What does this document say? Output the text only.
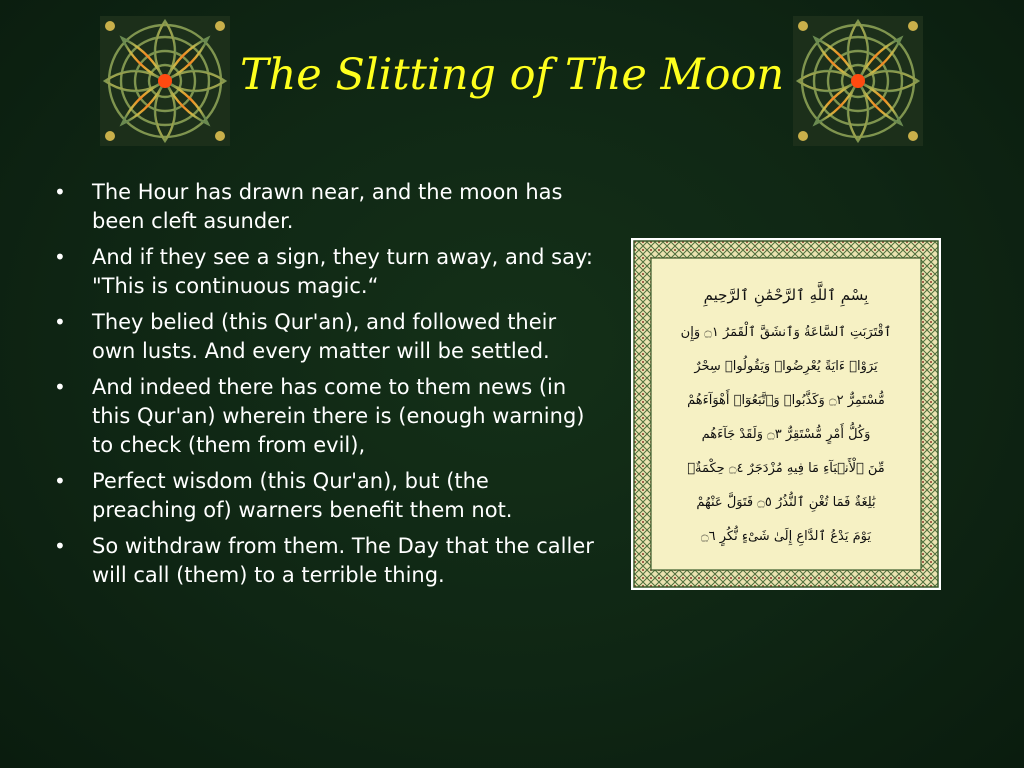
The Slitting of The Moon
•	The Hour has drawn near, and the moon has been cleft asunder.
•	And if they see a sign, they turn away, and say: "This is continuous magic.“
•	They belied (this Qur'an), and followed their own lusts. And every matter will be settled.
•	And indeed there has come to them news (in this Qur'an) wherein there is (enough warning) to check (them from evil),
•	Perfect wisdom (this Qur'an), but (the preaching of) warners benefit them not.
•	So withdraw from them. The Day that the caller will call (them) to a terrible thing.
بِسْمِ ٱللَّهِ ٱلرَّحْمَٰنِ ٱلرَّحِيمِ
ٱقْتَرَبَتِ ٱلسَّاعَةُ وَٱنشَقَّ ٱلْقَمَرُ ۝١ وَإِن
يَرَوْا۟ ءَايَةً يُعْرِضُوا۟ وَيَقُولُوا۟ سِحْرٌ
مُّسْتَمِرٌّ ۝٢ وَكَذَّبُوا۟ وَٱتَّبَعُوٓا۟ أَهْوَآءَهُمْ
وَكُلُّ أَمْرٍ مُّسْتَقِرٌّ ۝٣ وَلَقَدْ جَآءَهُم
مِّنَ ٱلْأَنۢبَآءِ مَا فِيهِ مُزْدَجَرٌ ۝٤ حِكْمَةٌۢ
بَٰلِغَةٌ فَمَا تُغْنِ ٱلنُّذُرُ ۝٥ فَتَوَلَّ عَنْهُمْ
يَوْمَ يَدْعُ ٱلدَّاعِ إِلَىٰ شَىْءٍ نُّكُرٍ ۝٦
